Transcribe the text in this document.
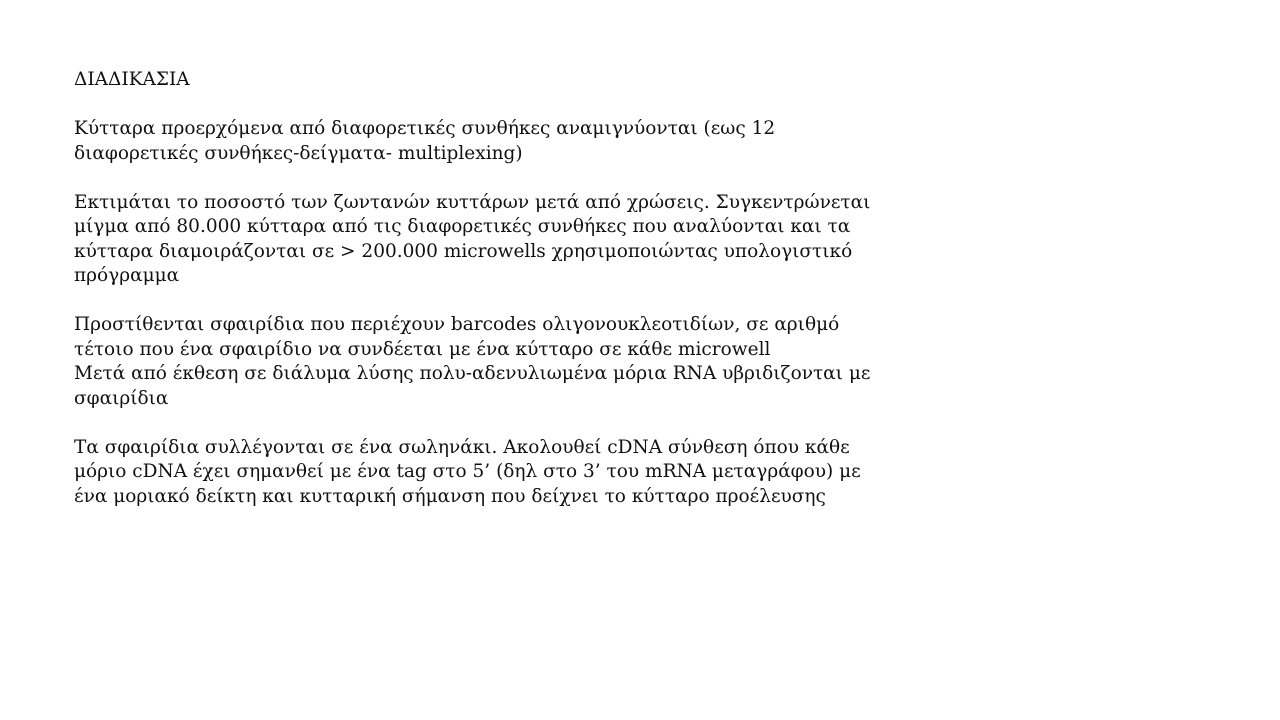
ΔΙΑΔΙΚΑΣΙΑ
Κύτταρα προερχόμενα από διαφορετικές συνθήκες αναμιγνύονται (εως 12
διαφορετικές συνθήκες-δείγματα- multiplexing)
Εκτιμάται το ποσοστό των ζωντανών κυττάρων μετά από χρώσεις. Συγκεντρώνεται
μίγμα από 80.000 κύτταρα από τις διαφορετικές συνθήκες που αναλύονται και τα
κύτταρα διαμοιράζονται σε > 200.000 microwells χρησιμοποιώντας υπολογιστικό
πρόγραμμα
Προστίθενται σφαιρίδια που περιέχουν barcodes ολιγονουκλεοτιδίων, σε αριθμό
τέτοιο που ένα σφαιρίδιο να συνδέεται με ένα κύτταρο σε κάθε microwell
Μετά από έκθεση σε διάλυμα λύσης πολυ-αδενυλιωμένα μόρια RNA υβριδιζονται με
σφαιρίδια
Τα σφαιρίδια συλλέγονται σε ένα σωληνάκι. Ακολουθεί cDNA σύνθεση όπου κάθε
μόριο cDNA έχει σημανθεί με ένα tag στο 5’ (δηλ στο 3’ του mRNA μεταγράφου) με
ένα μοριακό δείκτη και κυτταρική σήμανση που δείχνει το κύτταρο προέλευσης
